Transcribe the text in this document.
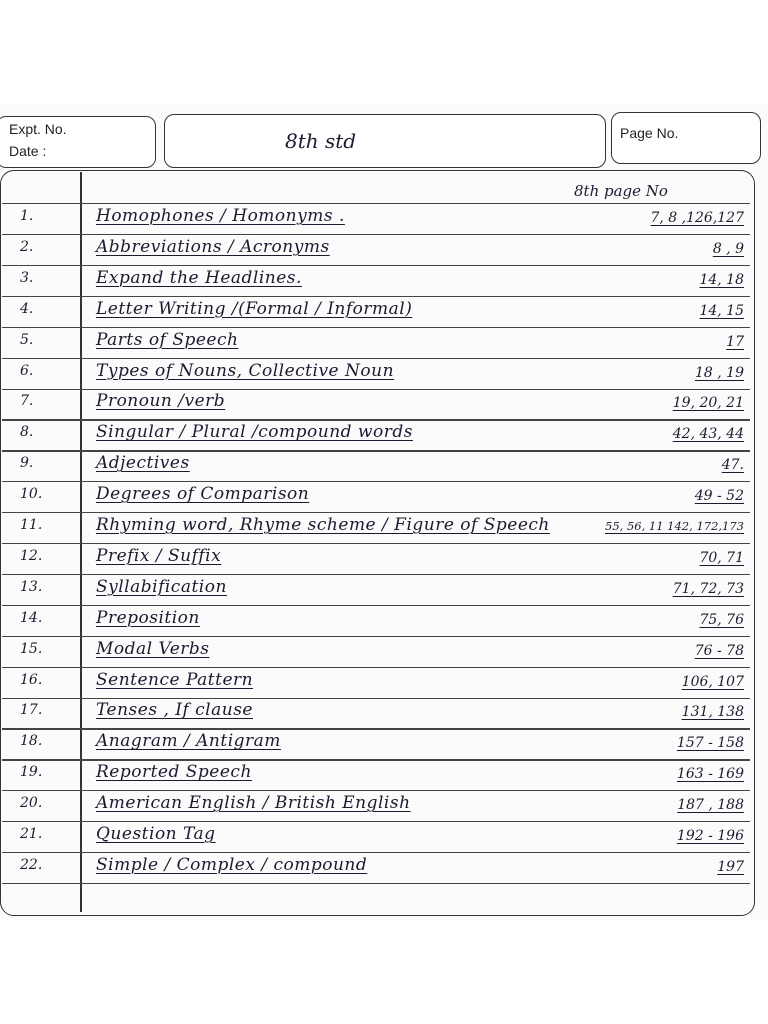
Expt. No.
Date :	8th std	Page No.
8th page No
1.	Homophones / Homonyms .	7, 8 ,126,127
2.	Abbreviations / Acronyms	8 , 9
3.	Expand the Headlines.	14, 18
4.	Letter Writing /(Formal / Informal)	14, 15
5.	Parts of Speech	17
6.	Types of Nouns, Collective Noun	18 , 19
7.	Pronoun /verb	19, 20, 21
8.	Singular / Plural /compound words	42, 43, 44
9.	Adjectives	47.
10.	Degrees of Comparison	49 - 52
11.	Rhyming word, Rhyme scheme / Figure of Speech	55, 56, 11 142, 172,173
12.	Prefix / Suffix	70, 71
13.	Syllabification	71, 72, 73
14.	Preposition	75, 76
15.	Modal Verbs	76 - 78
16.	Sentence Pattern	106, 107
17.	Tenses , If clause	131, 138
18.	Anagram / Antigram	157 - 158
19.	Reported Speech	163 - 169
20.	American English / British English	187 , 188
21.	Question Tag	192 - 196
22.	Simple / Complex / compound	197
